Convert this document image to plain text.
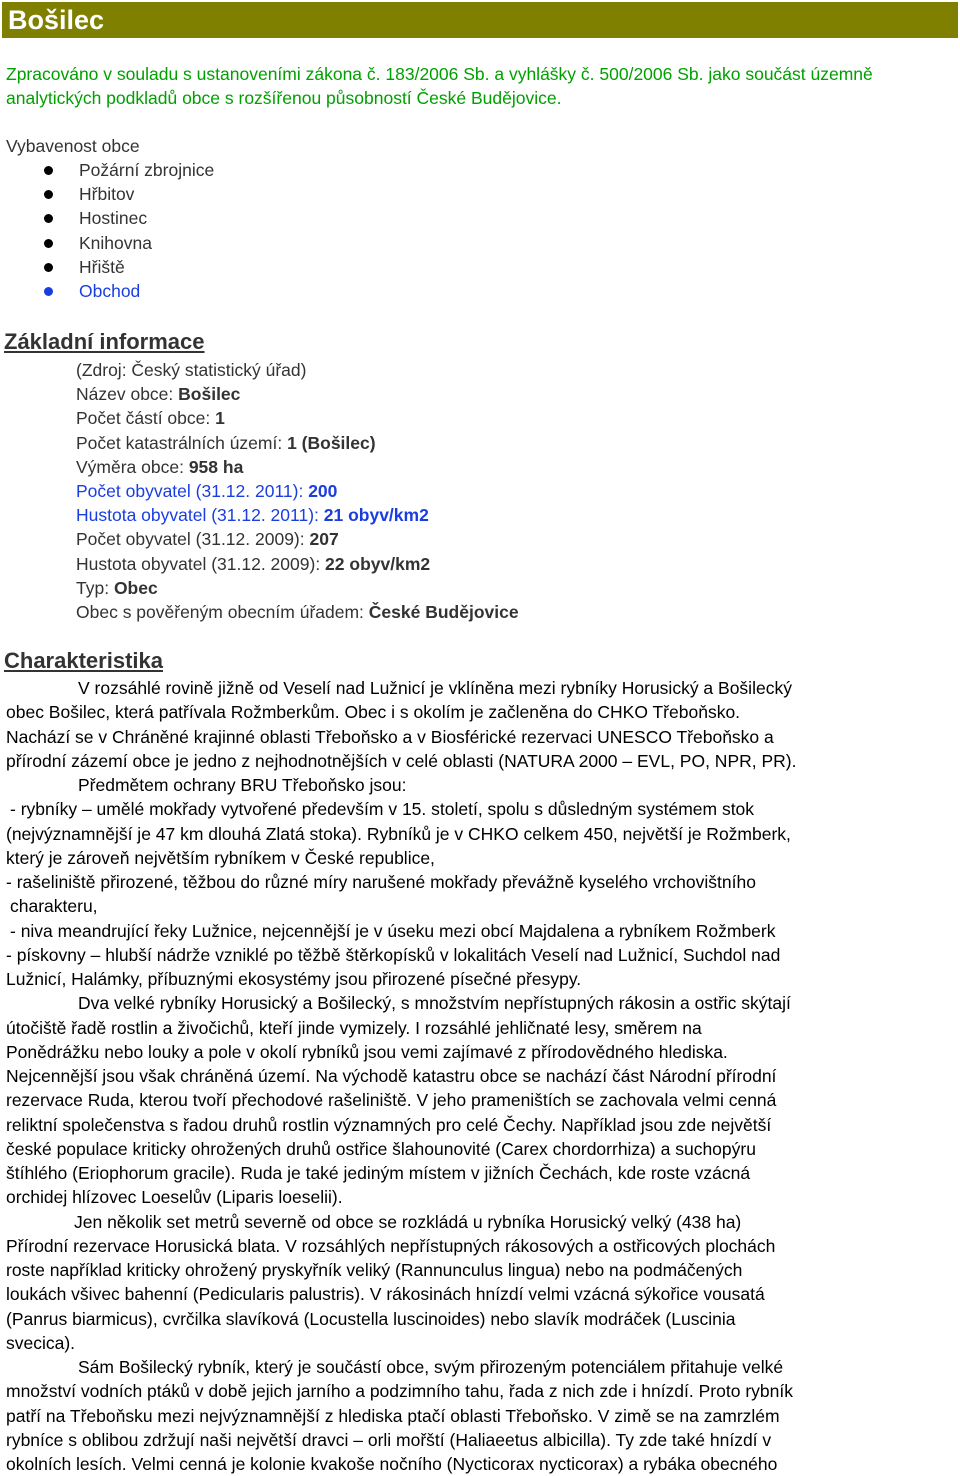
Bošilec

Zpracováno v souladu s ustanoveními zákona č. 183/2006 Sb. a vyhlášky č. 500/2006 Sb. jako součást územně analytických podkladů obce s rozšířenou působností České Budějovice.

Vybavenost obce

Požární zbrojnice
Hřbitov
Hostinec
Knihovna
Hřiště
Obchod
Základní informace
(Zdroj: Český statistický úřad)
Název obce: Bošilec
Počet částí obce: 1
Počet katastrálních území: 1 (Bošilec)
Výměra obce: 958 ha
Počet obyvatel (31.12. 2011): 200
Hustota obyvatel (31.12. 2011): 21 obyv/km2
Počet obyvatel (31.12. 2009): 207
Hustota obyvatel (31.12. 2009): 22 obyv/km2
Typ: Obec
Obec s pověřeným obecním úřadem: České Budějovice
Charakteristika
V rozsáhlé rovině jižně od Veselí nad Lužnicí je vklíněna mezi rybníky Horusický a Bošilecký
obec Bošilec, která patřívala Rožmberkům. Obec i s okolím je začleněna do CHKO Třeboňsko.
Nachází se v Chráněné krajinné oblasti Třeboňsko a v Biosférické rezervaci UNESCO Třeboňsko a
přírodní zázemí obce je jedno z nejhodnotnějších v celé oblasti (NATURA 2000 – EVL, PO, NPR, PR).
Předmětem ochrany BRU Třeboňsko jsou:
- rybníky – umělé mokřady vytvořené především v 15. století, spolu s důsledným systémem stok
(nejvýznamnější je 47 km dlouhá Zlatá stoka). Rybníků je v CHKO celkem 450, největší je Rožmberk,
který je zároveň největším rybníkem v České republice,
- rašeliniště přirozené, těžbou do různé míry narušené mokřady převážně kyselého vrchovištního
charakteru,
- niva meandrující řeky Lužnice, nejcennější je v úseku mezi obcí Majdalena a rybníkem Rožmberk
- pískovny – hlubší nádrže vzniklé po těžbě štěrkopísků v lokalitách Veselí nad Lužnicí, Suchdol nad
Lužnicí, Halámky, příbuznými ekosystémy jsou přirozené písečné přesypy.
Dva velké rybníky Horusický a Bošilecký, s množstvím nepřístupných rákosin a ostřic skýtají
útočiště řadě rostlin a živočichů, kteří jinde vymizely. I rozsáhlé jehličnaté lesy, směrem na
Ponědrážku nebo louky a pole v okolí rybníků jsou vemi zajímavé z přírodovědného hlediska.
Nejcennější jsou však chráněná území. Na východě katastru obce se nachází část Národní přírodní
rezervace Ruda, kterou tvoří přechodové rašeliniště. V jeho prameništích se zachovala velmi cenná
reliktní společenstva s řadou druhů rostlin významných pro celé Čechy. Například jsou zde největší
české populace kriticky ohrožených druhů ostřice šlahounovité (Carex chordorrhiza) a suchopýru
štíhlého (Eriophorum gracile). Ruda je také jediným místem v jižních Čechách, kde roste vzácná
orchidej hlízovec Loeselův (Liparis loeselii).
Jen několik set metrů severně od obce se rozkládá u rybníka Horusický velký (438 ha)
Přírodní rezervace Horusická blata. V rozsáhlých nepřístupných rákosových a ostřicových plochách
roste například kriticky ohrožený pryskyřník veliký (Rannunculus lingua) nebo na podmáčených
loukách všivec bahenní (Pedicularis palustris). V rákosinách hnízdí velmi vzácná sýkořice vousatá
(Panrus biarmicus), cvrčilka slavíková (Locustella luscinoides) nebo slavík modráček (Luscinia
svecica).
Sám Bošilecký rybník, který je součástí obce, svým přirozeným potenciálem přitahuje velké
množství vodních ptáků v době jejich jarního a podzimního tahu, řada z nich zde i hnízdí. Proto rybník
patří na Třeboňsku mezi nejvýznamnější z hlediska ptačí oblasti Třeboňsko. V zimě se na zamrzlém
rybníce s oblibou zdržují naši největší dravci – orli mořští (Haliaeetus albicilla). Ty zde také hnízdí v
okolních lesích. Velmi cenná je kolonie kvakoše nočního (Nycticorax nycticorax) a rybáka obecného
